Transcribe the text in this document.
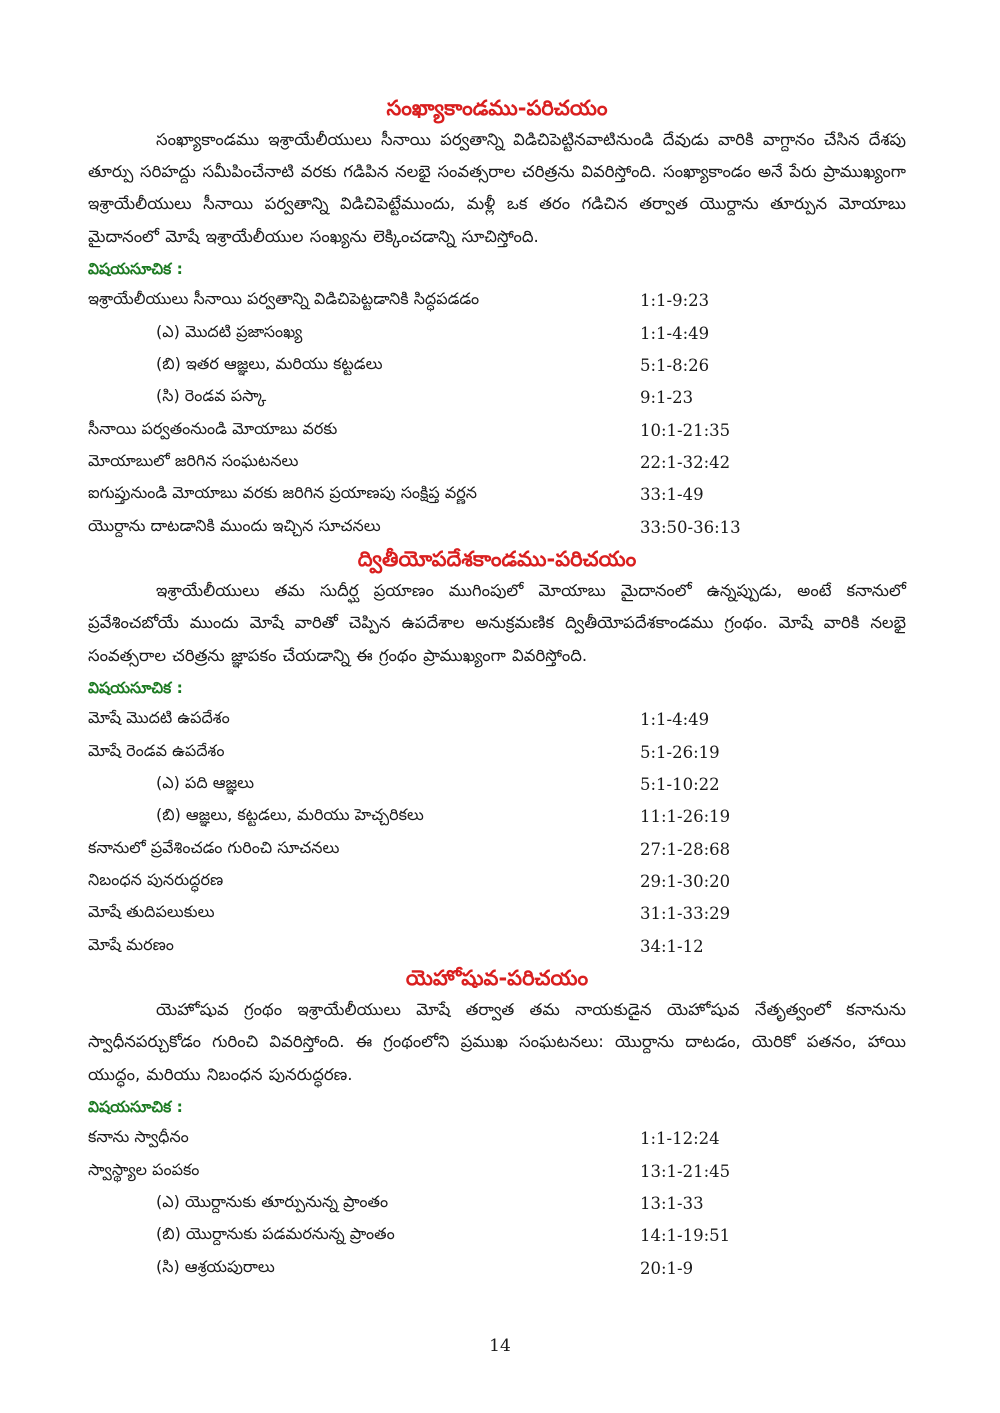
సంఖ్యాకాండము-పరిచయం

సంఖ్యాకాండము ఇశ్రాయేలీయులు సీనాయి పర్వతాన్ని విడిచిపెట్టినవాటినుండి దేవుడు వారికి వాగ్దానం చేసిన దేశపు తూర్పు సరిహద్దు సమీపించేనాటి వరకు గడిపిన నలభై సంవత్సరాల చరిత్రను వివరిస్తోంది. సంఖ్యాకాండం అనే పేరు ప్రాముఖ్యంగా ఇశ్రాయేలీయులు సీనాయి పర్వతాన్ని విడిచిపెట్టేముందు, మళ్లీ ఒక తరం గడిచిన తర్వాత యొర్దాను తూర్పున మోయాబు మైదానంలో మోషే ఇశ్రాయేలీయుల సంఖ్యను లెక్కించడాన్ని సూచిస్తోంది.

విషయసూచిక :
ఇశ్రాయేలీయులు సీనాయి పర్వతాన్ని విడిచిపెట్టడానికి సిద్ధపడడం	1:1-9:23
(ఎ) మొదటి ప్రజాసంఖ్య	1:1-4:49
(బి) ఇతర ఆజ్ఞలు, మరియు కట్టడలు	5:1-8:26
(సి) రెండవ పస్కా	9:1-23
సీనాయి పర్వతంనుండి మోయాబు వరకు	10:1-21:35
మోయాబులో జరిగిన సంఘటనలు	22:1-32:42
ఐగుప్తునుండి మోయాబు వరకు జరిగిన ప్రయాణపు సంక్షిప్త వర్ణన	33:1-49
యొర్దాను దాటడానికి ముందు ఇచ్చిన సూచనలు	33:50-36:13
ద్వితీయోపదేశకాండము-పరిచయం

ఇశ్రాయేలీయులు తమ సుదీర్ఘ ప్రయాణం ముగింపులో మోయాబు మైదానంలో ఉన్నప్పుడు, అంటే కనానులో ప్రవేశించబోయే ముందు మోషే వారితో చెప్పిన ఉపదేశాల అనుక్రమణిక ద్వితీయోపదేశకాండము గ్రంథం. మోషే వారికి నలభై సంవత్సరాల చరిత్రను జ్ఞాపకం చేయడాన్ని ఈ గ్రంథం ప్రాముఖ్యంగా వివరిస్తోంది.

విషయసూచిక :
మోషే మొదటి ఉపదేశం	1:1-4:49
మోషే రెండవ ఉపదేశం	5:1-26:19
(ఎ) పది ఆజ్ఞలు	5:1-10:22
(బి) ఆజ్ఞలు, కట్టడలు, మరియు హెచ్చరికలు	11:1-26:19
కనానులో ప్రవేశించడం గురించి సూచనలు	27:1-28:68
నిబంధన పునరుద్ధరణ	29:1-30:20
మోషే తుదిపలుకులు	31:1-33:29
మోషే మరణం	34:1-12
యెహోషువ-పరిచయం

యెహోషువ గ్రంథం ఇశ్రాయేలీయులు మోషే తర్వాత తమ నాయకుడైన యెహోషువ నేతృత్వంలో కనానును స్వాధీనపర్చుకోడం గురించి వివరిస్తోంది. ఈ గ్రంథంలోని ప్రముఖ సంఘటనలు: యొర్దాను దాటడం, యెరికో పతనం, హాయి యుద్ధం, మరియు నిబంధన పునరుద్ధరణ.

విషయసూచిక :
కనాను స్వాధీనం	1:1-12:24
స్వాస్థ్యాల పంపకం	13:1-21:45
(ఎ) యొర్దానుకు తూర్పునున్న ప్రాంతం	13:1-33
(బి) యొర్దానుకు పడమరనున్న ప్రాంతం	14:1-19:51
(సి) ఆశ్రయపురాలు	20:1-9
14
